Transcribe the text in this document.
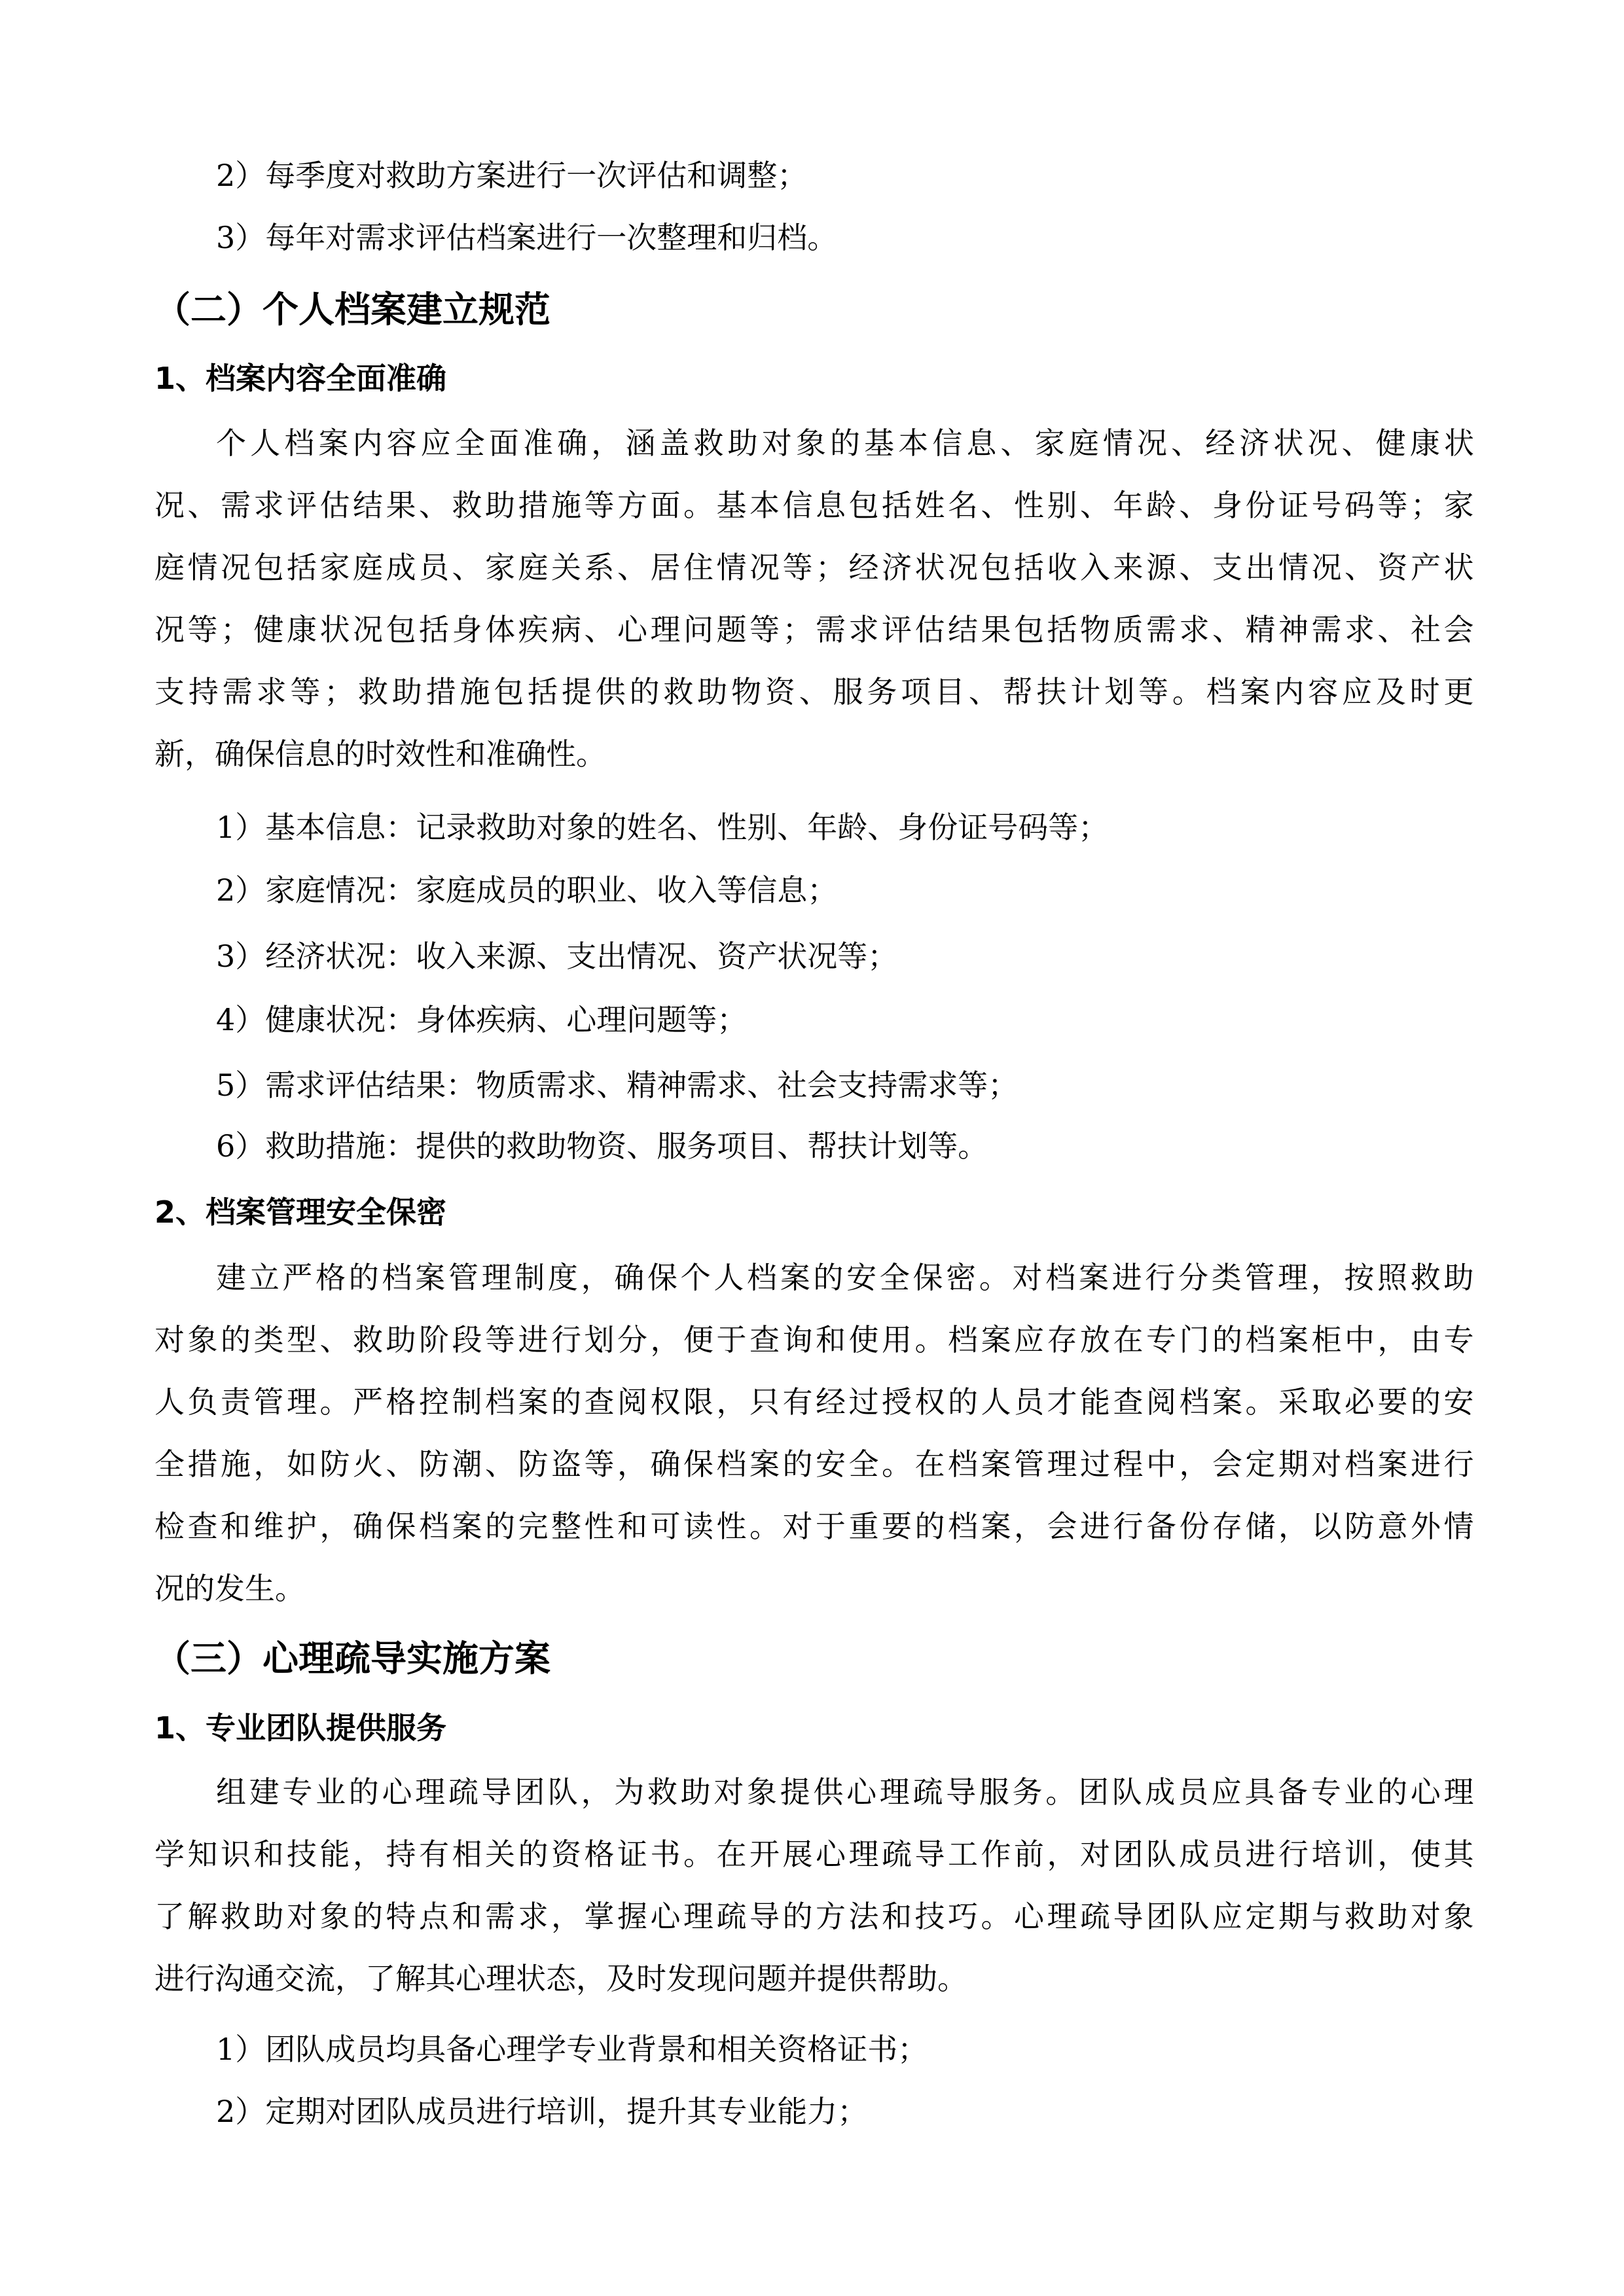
2）每季度对救助方案进行一次评估和调整；

3）每年对需求评估档案进行一次整理和归档。

（二）个人档案建立规范
1、档案内容全面准确

个 人 档 案 内 容 应 全 面 准 确 ， 涵 盖 救 助 对 象 的 基 本 信 息 、 家 庭 情 况 、 经 济 状 况 、 健 康 状

况 、 需 求 评 估 结 果 、 救 助 措 施 等 方 面 。 基 本 信 息 包 括 姓 名 、 性 别 、 年 龄 、 身 份 证 号 码 等 ； 家

庭 情 况 包 括 家 庭 成 员 、 家 庭 关 系 、 居 住 情 况 等 ； 经 济 状 况 包 括 收 入 来 源 、 支 出 情 况 、 资 产 状

况 等 ； 健 康 状 况 包 括 身 体 疾 病 、 心 理 问 题 等 ； 需 求 评 估 结 果 包 括 物 质 需 求 、 精 神 需 求 、 社 会

支 持 需 求 等 ； 救 助 措 施 包 括 提 供 的 救 助 物 资 、 服 务 项 目 、 帮 扶 计 划 等 。 档 案 内 容 应 及 时 更

新，确保信息的时效性和准确性。

1）基本信息：记录救助对象的姓名、性别、年龄、身份证号码等；

2）家庭情况：家庭成员的职业、收入等信息；

3）经济状况：收入来源、支出情况、资产状况等；

4）健康状况：身体疾病、心理问题等；

5）需求评估结果：物质需求、精神需求、社会支持需求等；

6）救助措施：提供的救助物资、服务项目、帮扶计划等。

2、档案管理安全保密

建 立 严 格 的 档 案 管 理 制 度 ， 确 保 个 人 档 案 的 安 全 保 密 。 对 档 案 进 行 分 类 管 理 ， 按 照 救 助

对 象 的 类 型 、 救 助 阶 段 等 进 行 划 分 ， 便 于 查 询 和 使 用 。 档 案 应 存 放 在 专 门 的 档 案 柜 中 ， 由 专

人 负 责 管 理 。 严 格 控 制 档 案 的 查 阅 权 限 ， 只 有 经 过 授 权 的 人 员 才 能 查 阅 档 案 。 采 取 必 要 的 安

全 措 施 ， 如 防 火 、 防 潮 、 防 盗 等 ， 确 保 档 案 的 安 全 。 在 档 案 管 理 过 程 中 ， 会 定 期 对 档 案 进 行

检 查 和 维 护 ， 确 保 档 案 的 完 整 性 和 可 读 性 。 对 于 重 要 的 档 案 ， 会 进 行 备 份 存 储 ， 以 防 意 外 情

况的发生。

（三）心理疏导实施方案
1、专业团队提供服务

组 建 专 业 的 心 理 疏 导 团 队 ， 为 救 助 对 象 提 供 心 理 疏 导 服 务 。 团 队 成 员 应 具 备 专 业 的 心 理

学 知 识 和 技 能 ， 持 有 相 关 的 资 格 证 书 。 在 开 展 心 理 疏 导 工 作 前 ， 对 团 队 成 员 进 行 培 训 ， 使 其

了 解 救 助 对 象 的 特 点 和 需 求 ， 掌 握 心 理 疏 导 的 方 法 和 技 巧 。 心 理 疏 导 团 队 应 定 期 与 救 助 对 象

进行沟通交流，了解其心理状态，及时发现问题并提供帮助。

1）团队成员均具备心理学专业背景和相关资格证书；

2）定期对团队成员进行培训，提升其专业能力；
